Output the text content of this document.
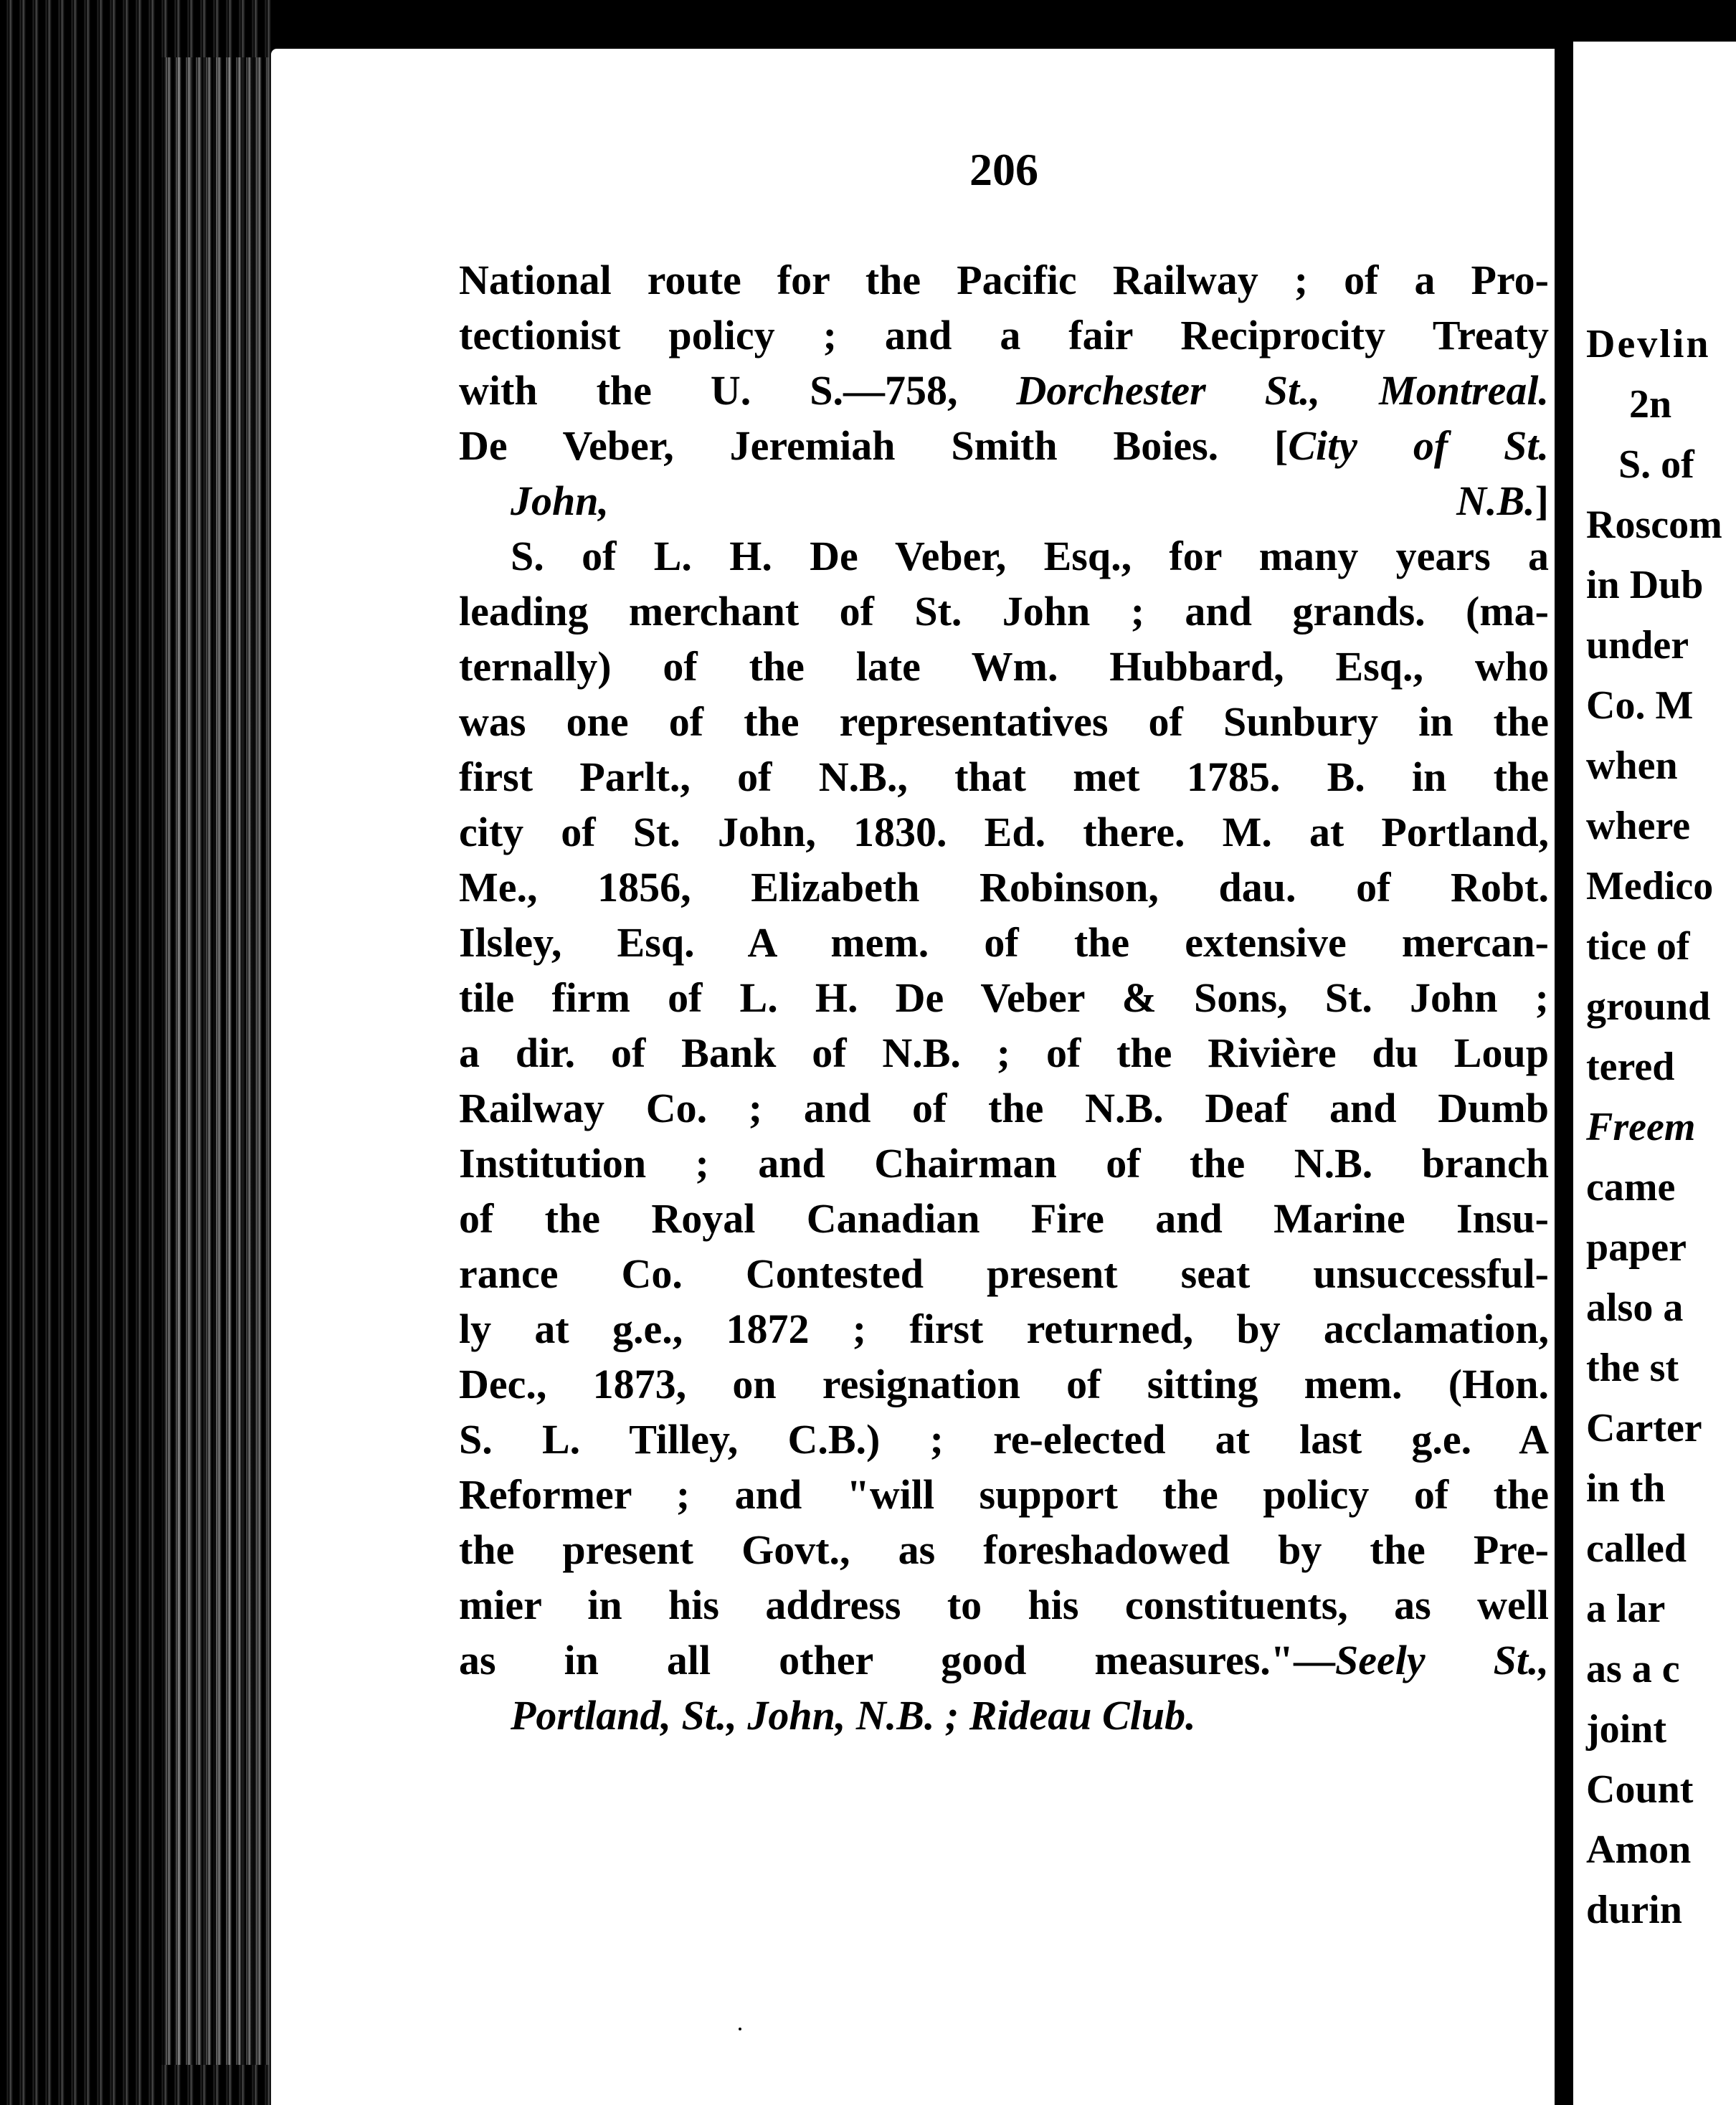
Devlin
2n
S. of
Roscom
in Dub
under
Co. M
when
where
Medico
tice of
ground
tered
Freem
came
paper
also a
the st
Carter
in th
called
a lar
as a c
joint
Count
Amon
durin
206
National route for the Pacific Railway ; of a Pro-
tectionist policy ; and a fair Reciprocity Treaty
with the U. S.—758, Dorchester St., Montreal.
De Veber, Jeremiah Smith Boies. [City of St.
John, N.B.]
S. of L. H. De Veber, Esq., for many years a
leading merchant of St. John ; and grands. (ma-
ternally) of the late Wm. Hubbard, Esq., who
was one of the representatives of Sunbury in the
first Parlt., of N.B., that met 1785. B. in the
city of St. John, 1830. Ed. there. M. at Portland,
Me., 1856, Elizabeth Robinson, dau. of Robt.
Ilsley, Esq. A mem. of the extensive mercan-
tile firm of L. H. De Veber & Sons, St. John ;
a dir. of Bank of N.B. ; of the Rivière du Loup
Railway Co. ; and of the N.B. Deaf and Dumb
Institution ; and Chairman of the N.B. branch
of the Royal Canadian Fire and Marine Insu-
rance Co. Contested present seat unsuccessful-
ly at g.e., 1872 ; first returned, by acclamation,
Dec., 1873, on resignation of sitting mem. (Hon.
S. L. Tilley, C.B.) ; re-elected at last g.e. A
Reformer ; and "will support the policy of the
the present Govt., as foreshadowed by the Pre-
mier in his address to his constituents, as well
as in all other good measures."—Seely St.,
Portland, St., John, N.B. ; Rideau Club.
